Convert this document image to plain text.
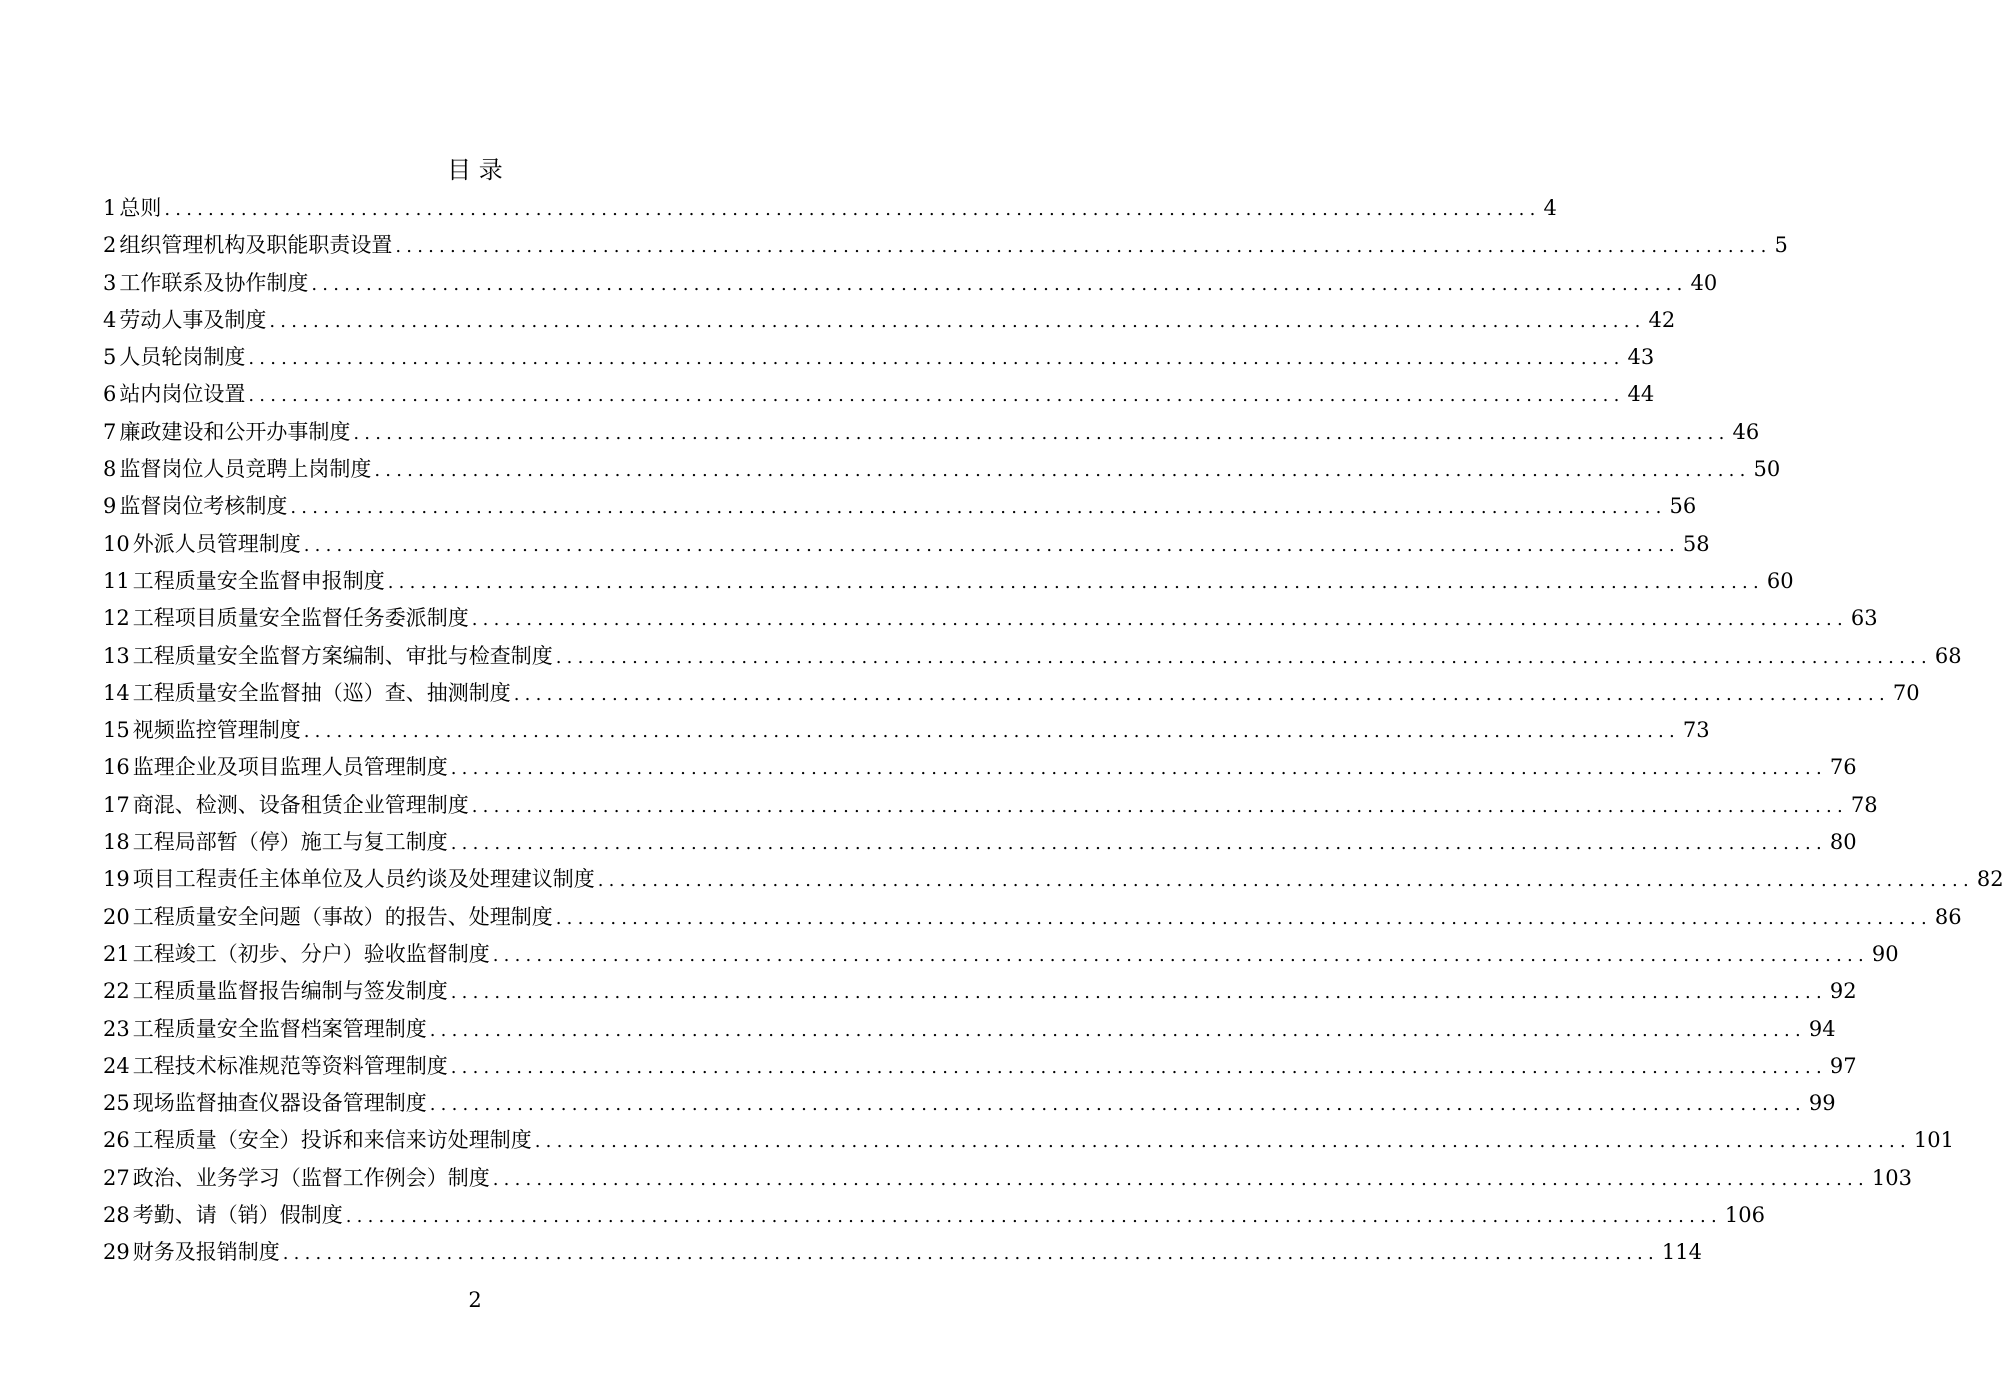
目 录
1 总则 .............................................................................................................................. 4
2 组织管理机构及职能职责设置 .............................................................................................................................. 5
3 工作联系及协作制度 .............................................................................................................................. 40
4 劳动人事及制度 .............................................................................................................................. 42
5 人员轮岗制度 .............................................................................................................................. 43
6 站内岗位设置 .............................................................................................................................. 44
7 廉政建设和公开办事制度 .............................................................................................................................. 46
8 监督岗位人员竞聘上岗制度 .............................................................................................................................. 50
9 监督岗位考核制度 .............................................................................................................................. 56
10 外派人员管理制度 .............................................................................................................................. 58
11 工程质量安全监督申报制度 .............................................................................................................................. 60
12 工程项目质量安全监督任务委派制度 .............................................................................................................................. 63
13 工程质量安全监督方案编制、审批与检查制度 .............................................................................................................................. 68
14 工程质量安全监督抽（巡）查、抽测制度 .............................................................................................................................. 70
15 视频监控管理制度 .............................................................................................................................. 73
16 监理企业及项目监理人员管理制度 .............................................................................................................................. 76
17 商混、检测、设备租赁企业管理制度 .............................................................................................................................. 78
18 工程局部暂（停）施工与复工制度 .............................................................................................................................. 80
19 项目工程责任主体单位及人员约谈及处理建议制度 .............................................................................................................................. 82
20 工程质量安全问题（事故）的报告、处理制度 .............................................................................................................................. 86
21 工程竣工（初步、分户）验收监督制度 .............................................................................................................................. 90
22 工程质量监督报告编制与签发制度 .............................................................................................................................. 92
23 工程质量安全监督档案管理制度 .............................................................................................................................. 94
24 工程技术标准规范等资料管理制度 .............................................................................................................................. 97
25 现场监督抽查仪器设备管理制度 .............................................................................................................................. 99
26 工程质量（安全）投诉和来信来访处理制度 .............................................................................................................................. 101
27 政治、业务学习（监督工作例会）制度 .............................................................................................................................. 103
28 考勤、请（销）假制度 .............................................................................................................................. 106
29 财务及报销制度 .............................................................................................................................. 114
2
